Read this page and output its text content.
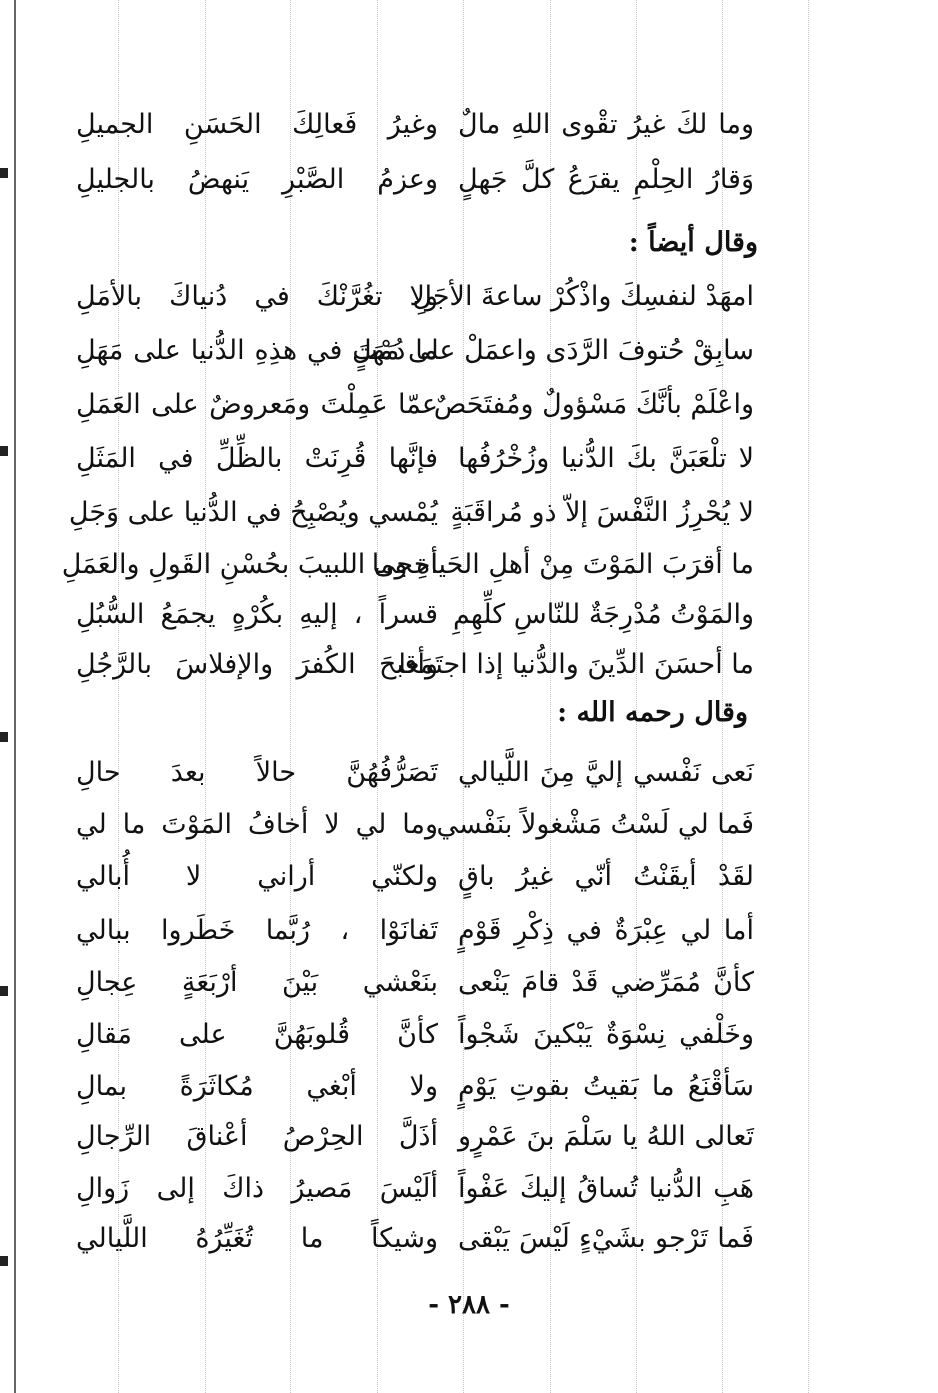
وما لكَ غيرُ تقْوى اللهِ مالٌ
وغيرُ فَعالِكَ الحَسَنِ الجميلِ
وَقارُ الحِلْمِ يقرَعُ كلَّ جَهلٍ
وعزمُ الصَّبْرِ يَنهضُ بالجليلِ
وقال أيضاً :
امهَدْ لنفسِكَ واذْكُرْ ساعةَ الأجَلِ
ولا تغُرَّنْكَ في دُنياكَ بالأمَلِ
سابِقْ حُتوفَ الرَّدَى واعمَلْ على مَهَلٍ
ما دُمْتَ في هذِهِ الدُّنيا على مَهَلِ
واعْلَمْ بأنَّكَ مَسْؤولٌ ومُفتَحَصٌ
عمّا عَمِلْتَ ومَعروضٌ على العَمَلِ
لا تلْعَبَنَّ بكَ الدُّنيا وزُخْرُفُها
فإنَّها قُرِنَتْ بالظِّلِّ في المَثَلِ
لا يُحْرِزُ النَّفْسَ إلاّ ذو مُراقَبَةٍ
يُمْسي ويُصْبِحُ في الدُّنيا على وَجَلِ
ما أقرَبَ المَوْتَ مِنْ أهلِ الحَياةِ وما
أحجى اللبيبَ بحُسْنِ القَولِ والعَمَلِ
والمَوْتُ مُدْرِجَةٌ للنّاسِ كلِّهِمِ
قسراً ، إليهِ بكُرْهٍ يجمَعُ السُّبُلِ
ما أحسَنَ الدِّينَ والدُّنيا إذا اجتَمَعا
وأقبحَ الكُفرَ والإفلاسَ بالرَّجُلِ
وقال رحمه الله :
نَعى نَفْسي إليَّ مِنَ اللَّيالي
تَصَرُّفُهُنَّ حالاً بعدَ حالِ
فَما لي لَسْتُ مَشْغولاً بنَفْسي
وما لي لا أخافُ المَوْتَ ما لي
لقَدْ أيقَنْتُ أنّي غيرُ باقٍ
ولكنّي أراني لا أُبالي
أما لي عِبْرَةٌ في ذِكْرِ قَوْمٍ
تَفانَوْا ، رُبَّما خَطَروا ببالي
كأنَّ مُمَرِّضي قَدْ قامَ يَنْعى
بنَعْشي بَيْنَ أرْبَعَةٍ عِجالِ
وخَلْفي نِسْوَةٌ يَبْكينَ شَجْواً
كأنَّ قُلوبَهُنَّ على مَقالِ
سَأقْنَعُ ما بَقيتُ بقوتِ يَوْمٍ
ولا أبْغي مُكاثَرَةً بمالِ
تَعالى اللهُ يا سَلْمَ بنَ عَمْرٍو
أذَلَّ الحِرْصُ أعْناقَ الرِّجالِ
هَبِ الدُّنيا تُساقُ إليكَ عَفْواً
ألَيْسَ مَصيرُ ذاكَ إلى زَوالِ
فَما تَرْجو بشَيْءٍ لَيْسَ يَبْقى
وشيكاً ما تُغَيِّرُهُ اللَّيالي
- ٢٨٨ -
